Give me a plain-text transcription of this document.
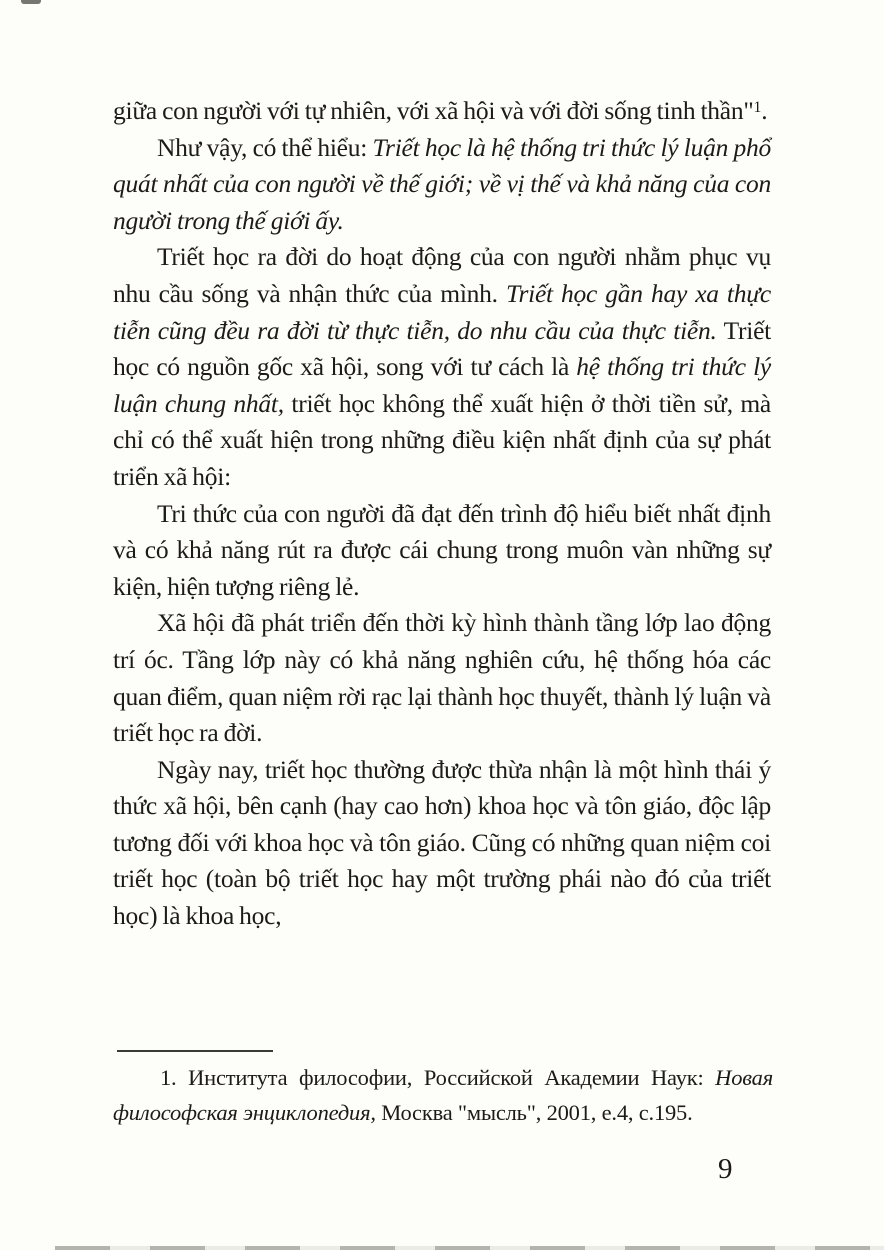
giữa con người với tự nhiên, với xã hội và với đời sống tinh thần"$^1$.

Như vậy, có thể hiểu: Triết học là hệ thống tri thức lý luận phổ quát nhất của con người về thế giới; về vị thế và khả năng của con người trong thế giới ấy.

Triết học ra đời do hoạt động của con người nhằm phục vụ nhu cầu sống và nhận thức của mình. Triết học gần hay xa thực tiễn cũng đều ra đời từ thực tiễn, do nhu cầu của thực tiễn. Triết học có nguồn gốc xã hội, song với tư cách là hệ thống tri thức lý luận chung nhất, triết học không thể xuất hiện ở thời tiền sử, mà chỉ có thể xuất hiện trong những điều kiện nhất định của sự phát triển xã hội:

Tri thức của con người đã đạt đến trình độ hiểu biết nhất định và có khả năng rút ra được cái chung trong muôn vàn những sự kiện, hiện tượng riêng lẻ.

Xã hội đã phát triển đến thời kỳ hình thành tầng lớp lao động trí óc. Tầng lớp này có khả năng nghiên cứu, hệ thống hóa các quan điểm, quan niệm rời rạc lại thành học thuyết, thành lý luận và triết học ra đời.

Ngày nay, triết học thường được thừa nhận là một hình thái ý thức xã hội, bên cạnh (hay cao hơn) khoa học và tôn giáo, độc lập tương đối với khoa học và tôn giáo. Cũng có những quan niệm coi triết học (toàn bộ triết học hay một trường phái nào đó của triết học) là khoa học,

1. Института философии, Российской Академии Наук: Новая философская энциклопедия, Москва "мысль", 2001, e.4, c.195.

9
